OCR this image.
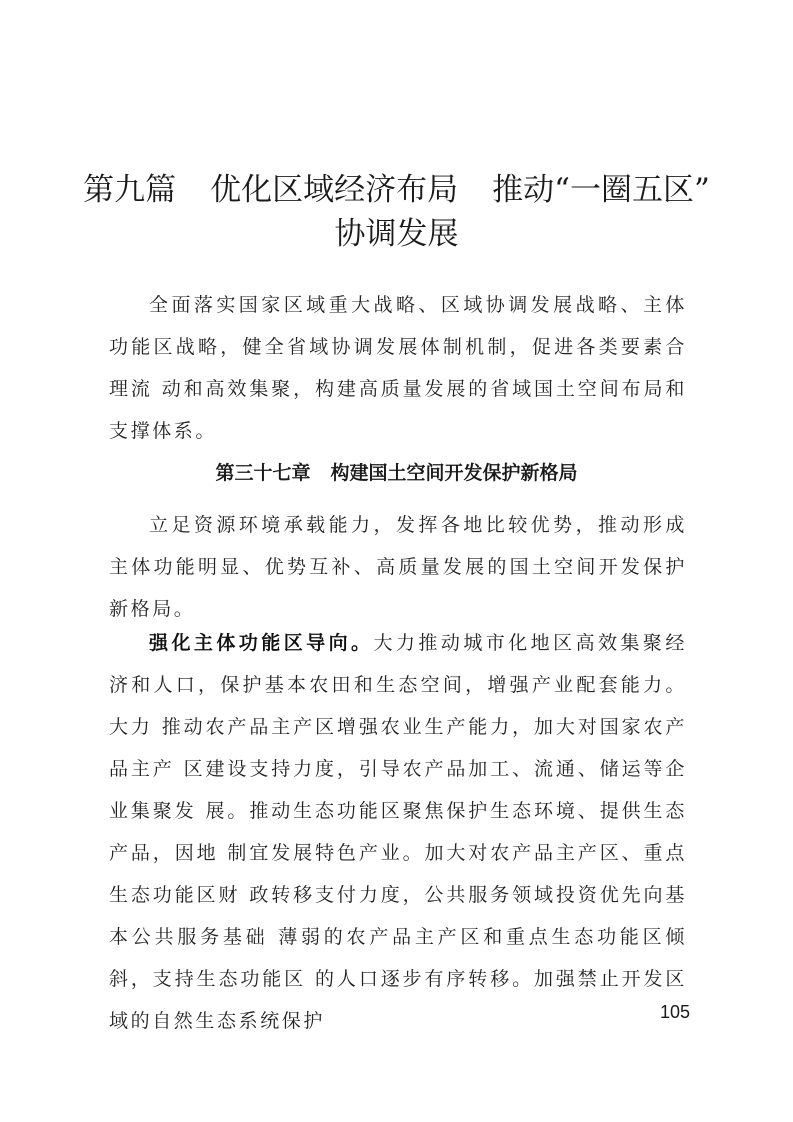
第九篇 优化区域经济布局 推动“一圈五区”
协调发展

全面落实国家区域重大战略、区域协调发展战略、主体功能区战略，健全省域协调发展体制机制，促进各类要素合理流 动和高效集聚，构建高质量发展的省域国土空间布局和支撑体系。

第三十七章 构建国土空间开发保护新格局

立足资源环境承载能力，发挥各地比较优势，推动形成主体功能明显、优势互补、高质量发展的国土空间开发保护新格局。

强化主体功能区导向。大力推动城市化地区高效集聚经济和人口，保护基本农田和生态空间，增强产业配套能力。大力 推动农产品主产区增强农业生产能力，加大对国家农产品主产 区建设支持力度，引导农产品加工、流通、储运等企业集聚发 展。推动生态功能区聚焦保护生态环境、提供生态产品，因地 制宜发展特色产业。加大对农产品主产区、重点生态功能区财 政转移支付力度，公共服务领域投资优先向基本公共服务基础 薄弱的农产品主产区和重点生态功能区倾斜，支持生态功能区 的人口逐步有序转移。加强禁止开发区域的自然生态系统保护	105
